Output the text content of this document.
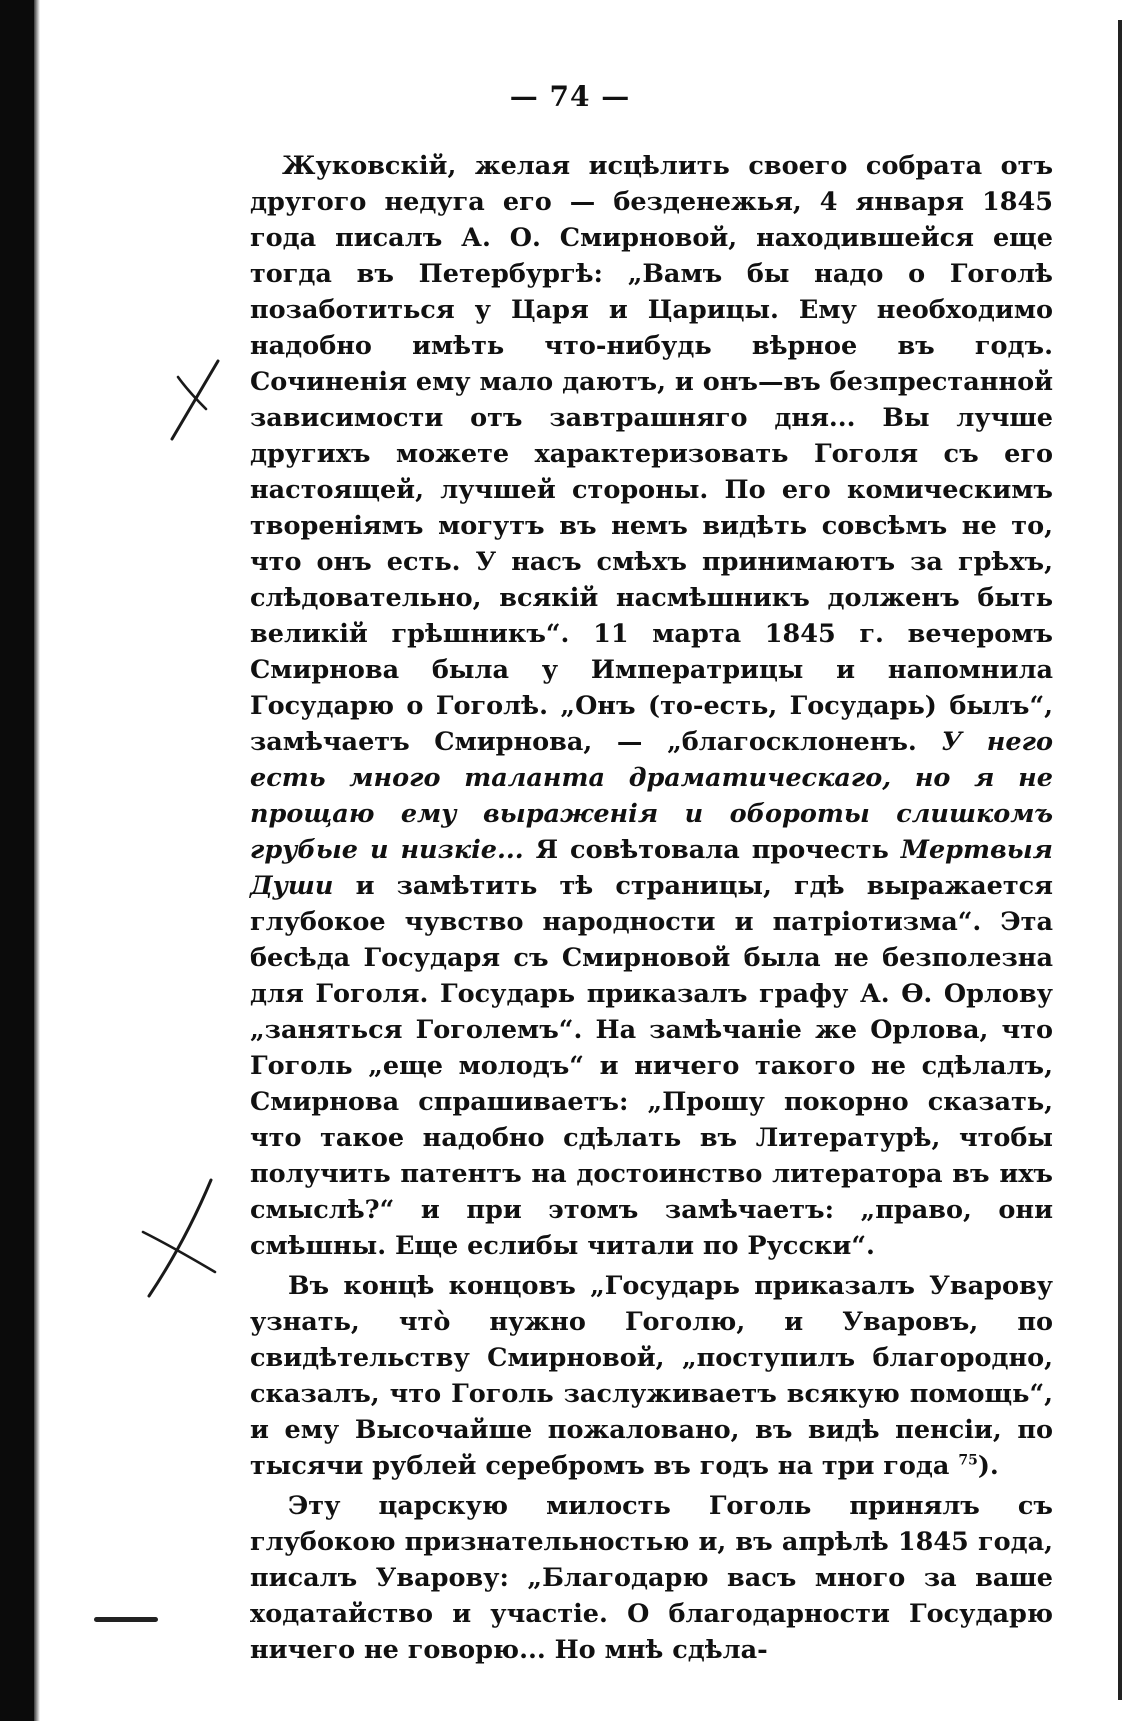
— 74 —

Жуковскій, желая исцѣлить своего собрата отъ другого недуга его — безденежья, 4 января 1845 года писалъ А. О. Смирновой, находившейся еще тогда въ Петербургѣ: „Вамъ бы надо о Гоголѣ позаботиться у Царя и Царицы. Ему необходимо надобно имѣть что-нибудь вѣрное въ годъ. Сочиненія ему мало даютъ, и онъ—въ безпрестанной зависимости отъ завтрашняго дня... Вы лучше другихъ можете характеризовать Гоголя съ его настоящей, лучшей стороны. По его комическимъ твореніямъ могутъ въ немъ видѣть совсѣмъ не то, что онъ есть. У насъ смѣхъ принимаютъ за грѣхъ, слѣдовательно, всякій насмѣшникъ долженъ быть великій грѣшникъ“. 11 марта 1845 г. вечеромъ Смирнова была у Императрицы и напомнила Государю о Гоголѣ. „Онъ (то-есть, Государь) былъ“, замѣчаетъ Смирнова, — „благосклоненъ. У него есть много таланта драматическаго, но я не прощаю ему выраженія и обороты слишкомъ грубые и низкіе... Я совѣтовала прочесть Мертвыя Души и замѣтить тѣ страницы, гдѣ выражается глубокое чувство народности и патріотизма“. Эта бесѣда Государя съ Смирновой была не безполезна для Гоголя. Государь приказалъ графу А. Ѳ. Орлову „заняться Гоголемъ“. На замѣчаніе же Орлова, что Гоголь „еще молодъ“ и ничего такого не сдѣлалъ, Смирнова спрашиваетъ: „Прошу покорно сказать, что такое надобно сдѣлать въ Литературѣ, чтобы получить патентъ на достоинство литератора въ ихъ смыслѣ?“ и при этомъ замѣчаетъ: „право, они смѣшны. Еще еслибы читали по Русски“.

Въ концѣ концовъ „Государь приказалъ Уварову узнать, что̀ нужно Гоголю, и Уваровъ, по свидѣтельству Смирновой, „поступилъ благородно, сказалъ, что Гоголь заслуживаетъ всякую помощь“, и ему Высочайше пожаловано, въ видѣ пенсіи, по тысячи рублей серебромъ въ годъ на три года $^{75}$).

Эту царскую милость Гоголь принялъ съ глубокою признательностью и, въ апрѣлѣ 1845 года, писалъ Уварову: „Благодарю васъ много за ваше ходатайство и участіе. О благодарности Государю ничего не говорю... Но мнѣ сдѣла-
